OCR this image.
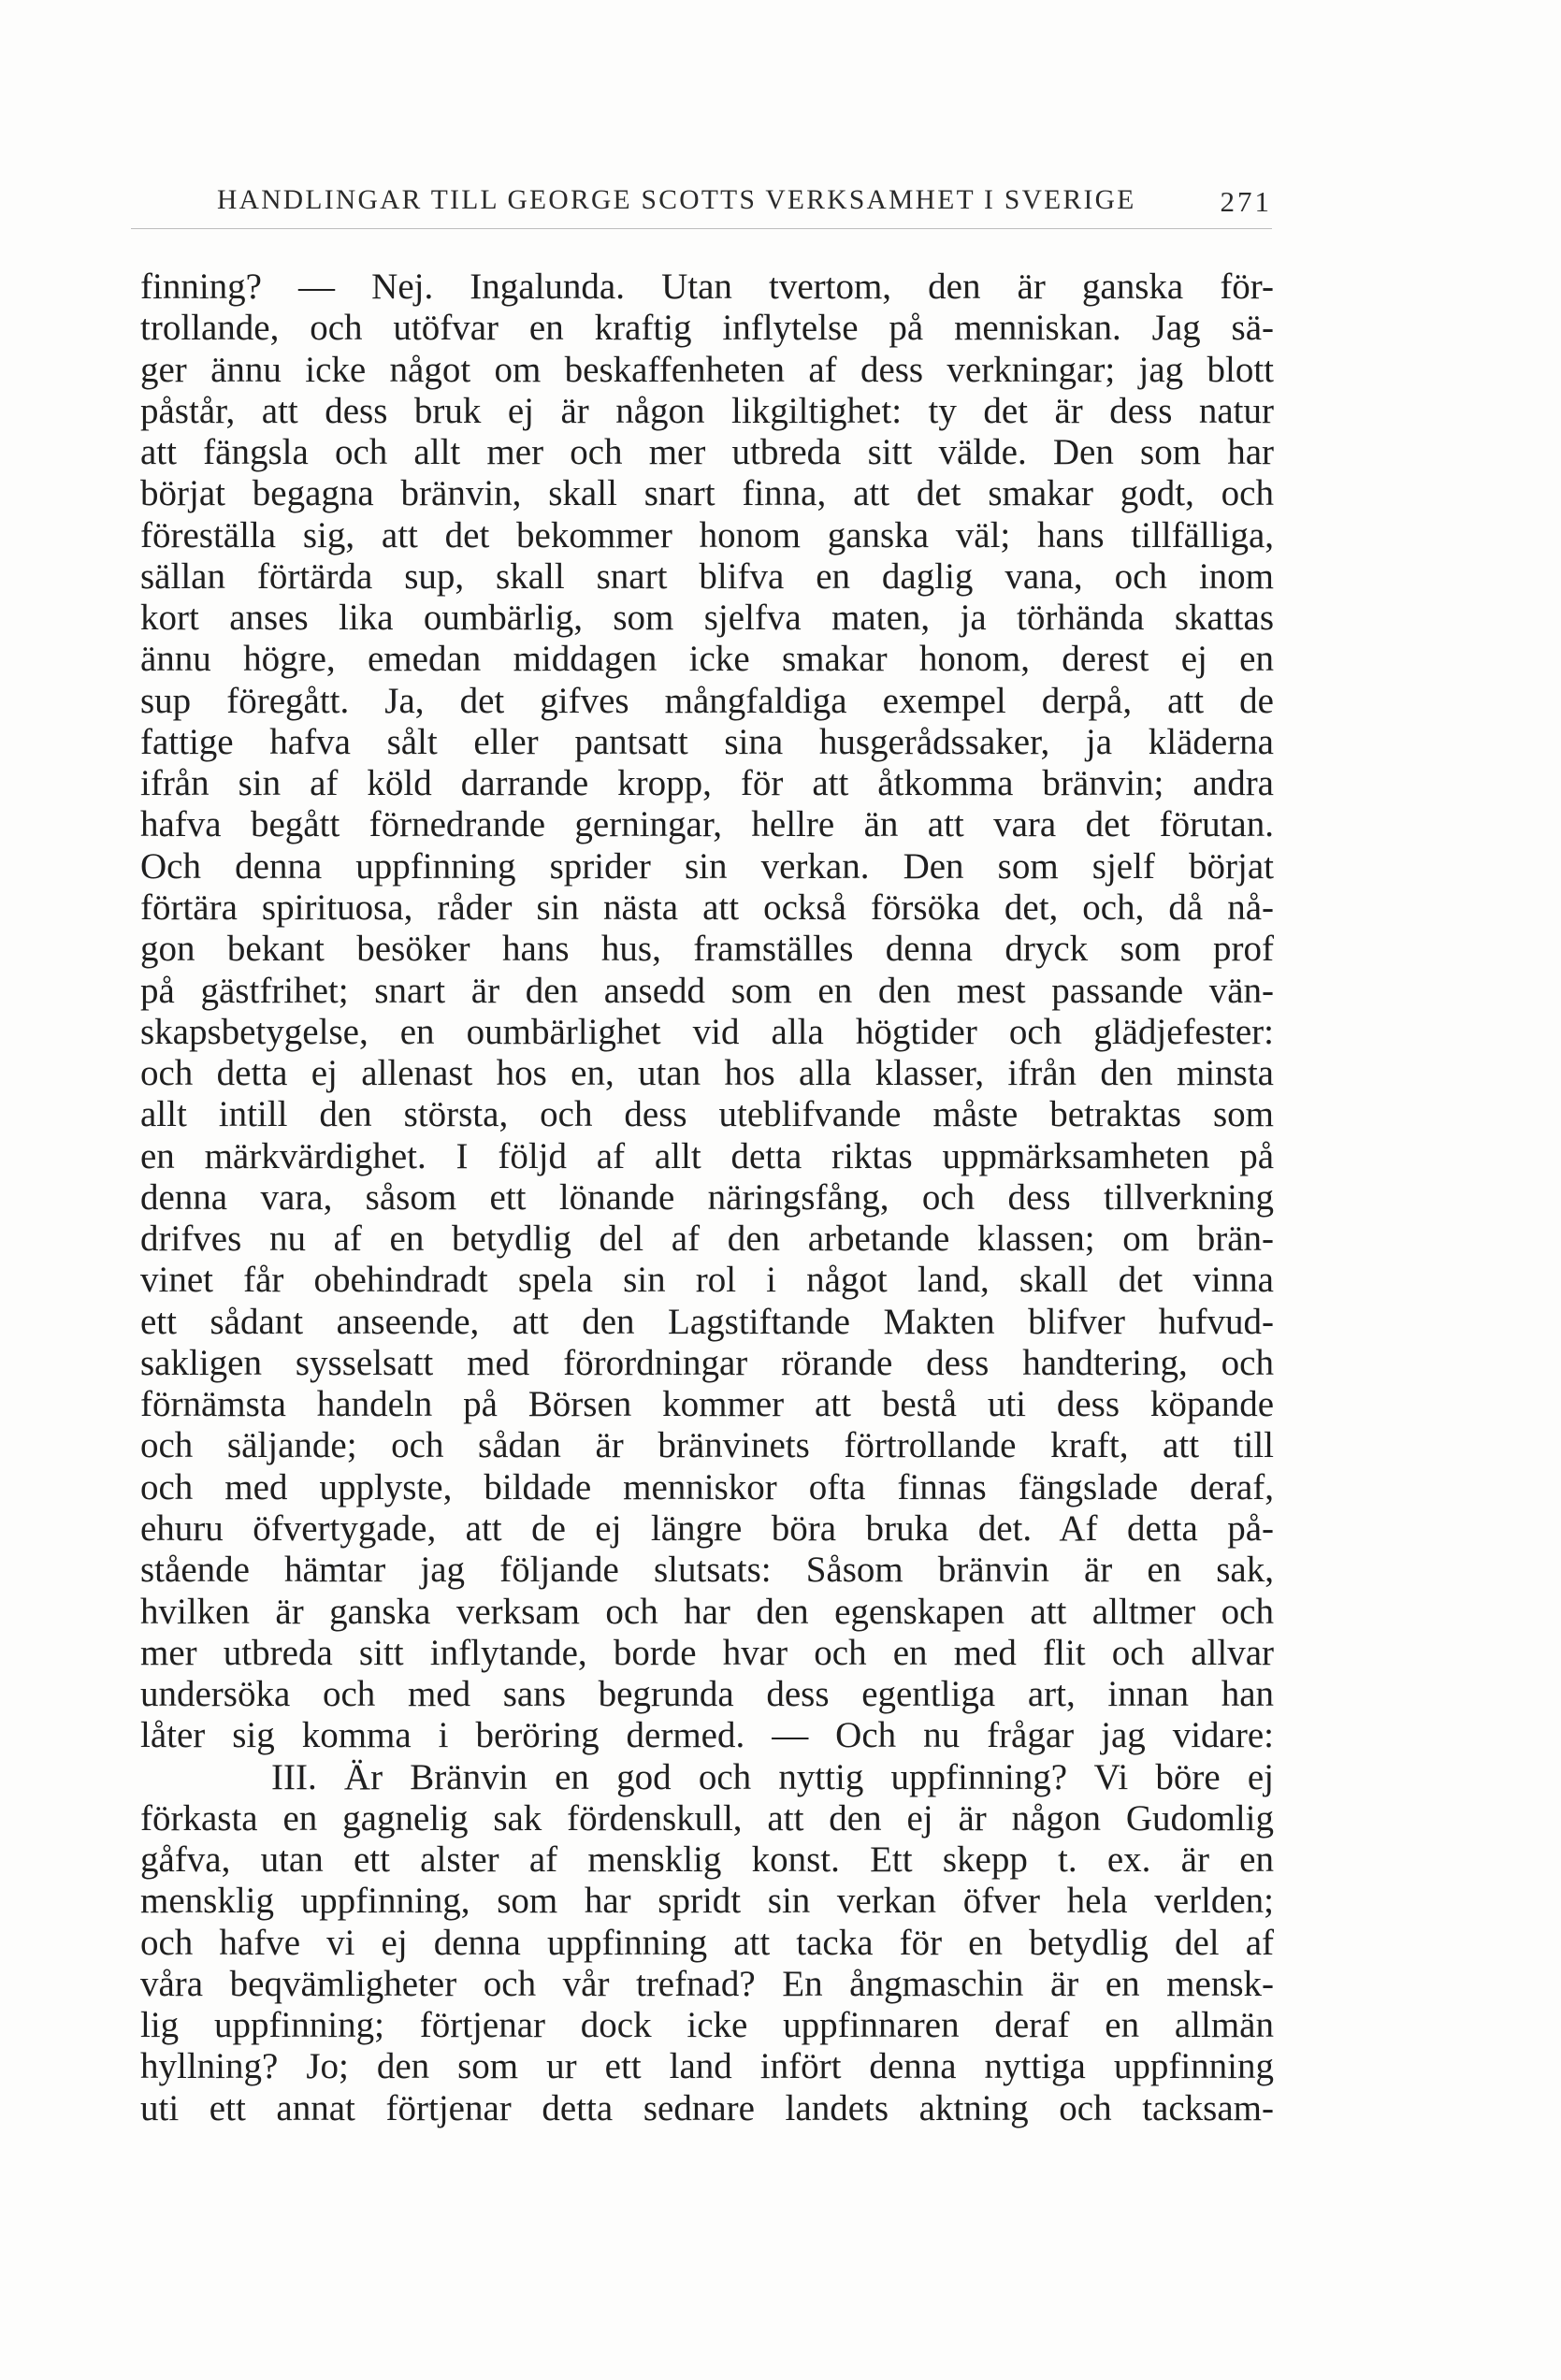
HANDLINGAR TILL GEORGE SCOTTS VERKSAMHET I SVERIGE	271
finning? — Nej. Ingalunda. Utan tvertom, den är ganska för-
trollande, och utöfvar en kraftig inflytelse på menniskan. Jag sä-
ger ännu icke något om beskaffenheten af dess verkningar; jag blott
påstår, att dess bruk ej är någon likgiltighet: ty det är dess natur
att fängsla och allt mer och mer utbreda sitt välde. Den som har
börjat begagna bränvin, skall snart finna, att det smakar godt, och
föreställa sig, att det bekommer honom ganska väl; hans tillfälliga,
sällan förtärda sup, skall snart blifva en daglig vana, och inom
kort anses lika oumbärlig, som sjelfva maten, ja törhända skattas
ännu högre, emedan middagen icke smakar honom, derest ej en
sup föregått. Ja, det gifves mångfaldiga exempel derpå, att de
fattige hafva sålt eller pantsatt sina husgerådssaker, ja kläderna
ifrån sin af köld darrande kropp, för att åtkomma bränvin; andra
hafva begått förnedrande gerningar, hellre än att vara det förutan.
Och denna uppfinning sprider sin verkan. Den som sjelf börjat
förtära spirituosa, råder sin nästa att också försöka det, och, då nå-
gon bekant besöker hans hus, framställes denna dryck som prof
på gästfrihet; snart är den ansedd som en den mest passande vän-
skapsbetygelse, en oumbärlighet vid alla högtider och glädjefester:
och detta ej allenast hos en, utan hos alla klasser, ifrån den minsta
allt intill den största, och dess uteblifvande måste betraktas som
en märkvärdighet. I följd af allt detta riktas uppmärksamheten på
denna vara, såsom ett lönande näringsfång, och dess tillverkning
drifves nu af en betydlig del af den arbetande klassen; om brän-
vinet får obehindradt spela sin rol i något land, skall det vinna
ett sådant anseende, att den Lagstiftande Makten blifver hufvud-
sakligen sysselsatt med förordningar rörande dess handtering, och
förnämsta handeln på Börsen kommer att bestå uti dess köpande
och säljande; och sådan är bränvinets förtrollande kraft, att till
och med upplyste, bildade menniskor ofta finnas fängslade deraf,
ehuru öfvertygade, att de ej längre böra bruka det. Af detta på-
stående hämtar jag följande slutsats: Såsom bränvin är en sak,
hvilken är ganska verksam och har den egenskapen att alltmer och
mer utbreda sitt inflytande, borde hvar och en med flit och allvar
undersöka och med sans begrunda dess egentliga art, innan han
låter sig komma i beröring dermed. — Och nu frågar jag vidare:
III. Är Bränvin en god och nyttig uppfinning? Vi böre ej
förkasta en gagnelig sak fördenskull, att den ej är någon Gudomlig
gåfva, utan ett alster af mensklig konst. Ett skepp t. ex. är en
mensklig uppfinning, som har spridt sin verkan öfver hela verlden;
och hafve vi ej denna uppfinning att tacka för en betydlig del af
våra beqvämligheter och vår trefnad? En ångmaschin är en mensk-
lig uppfinning; förtjenar dock icke uppfinnaren deraf en allmän
hyllning? Jo; den som ur ett land infört denna nyttiga uppfinning
uti ett annat förtjenar detta sednare landets aktning och tacksam-
